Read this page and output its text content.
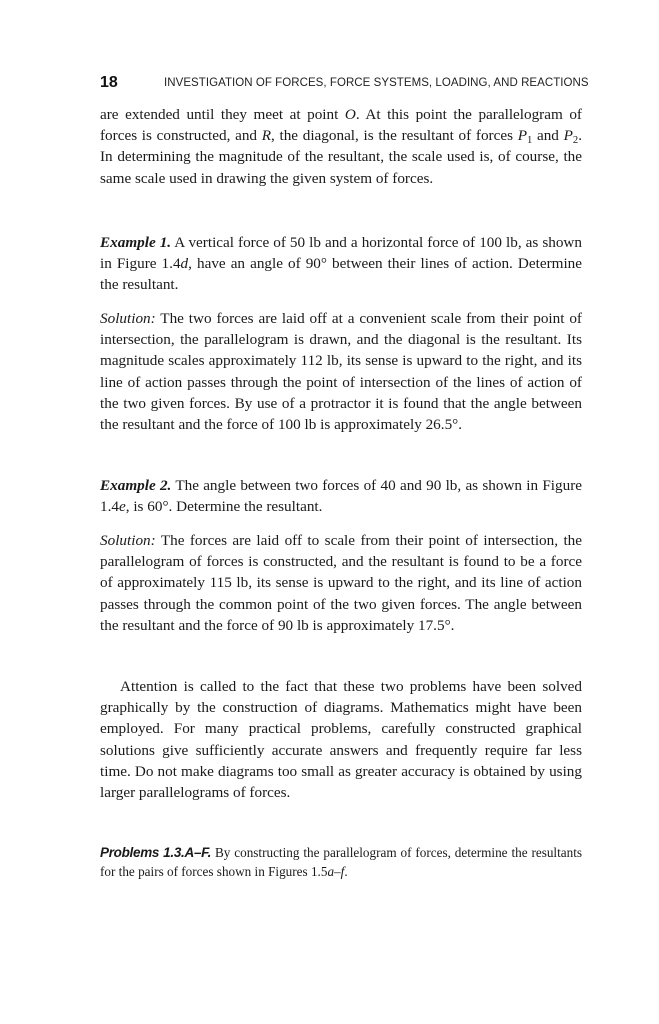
18	INVESTIGATION OF FORCES, FORCE SYSTEMS, LOADING, AND REACTIONS

are extended until they meet at point O. At this point the parallelogram of forces is constructed, and R, the diagonal, is the resultant of forces $P_1$ and $P_2$. In determining the magnitude of the resultant, the scale used is, of course, the same scale used in drawing the given system of forces.

Example 1. A vertical force of 50 lb and a horizontal force of 100 lb, as shown in Figure 1.4d, have an angle of 90° between their lines of action. Determine the resultant.

Solution: The two forces are laid off at a convenient scale from their point of intersection, the parallelogram is drawn, and the diagonal is the resultant. Its magnitude scales approximately 112 lb, its sense is upward to the right, and its line of action passes through the point of intersection of the lines of action of the two given forces. By use of a protractor it is found that the angle between the resultant and the force of 100 lb is approximately 26.5°.

Example 2. The angle between two forces of 40 and 90 lb, as shown in Figure 1.4e, is 60°. Determine the resultant.

Solution: The forces are laid off to scale from their point of intersection, the parallelogram of forces is constructed, and the resultant is found to be a force of approximately 115 lb, its sense is upward to the right, and its line of action passes through the common point of the two given forces. The angle between the resultant and the force of 90 lb is approximately 17.5°.

Attention is called to the fact that these two problems have been solved graphically by the construction of diagrams. Mathematics might have been employed. For many practical problems, carefully constructed graphical solutions give sufficiently accurate answers and frequently require far less time. Do not make diagrams too small as greater accuracy is obtained by using larger parallelograms of forces.

Problems 1.3.A–F. By constructing the parallelogram of forces, determine the resultants for the pairs of forces shown in Figures 1.5a–f.
